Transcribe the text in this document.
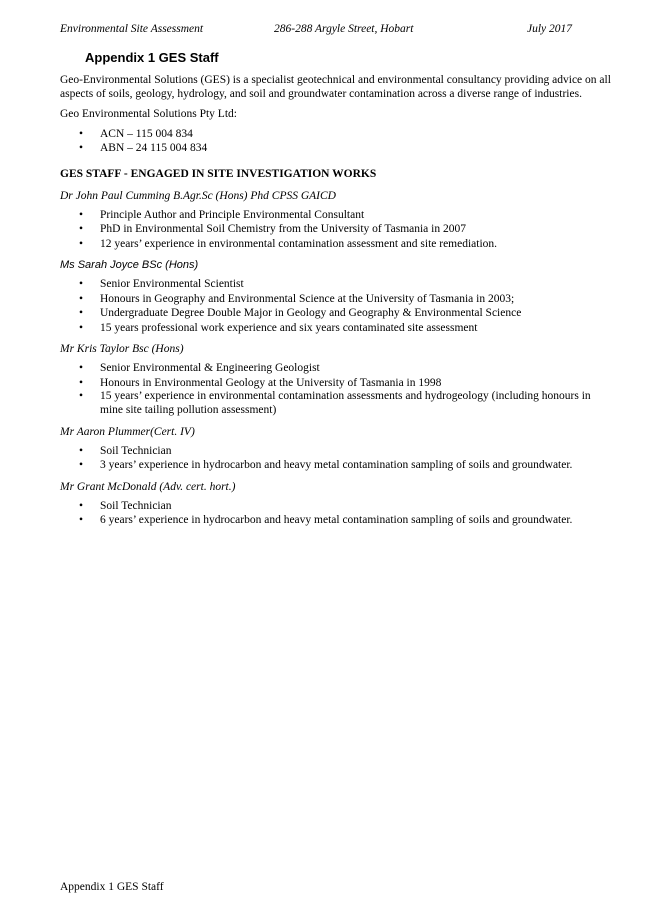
Environmental Site Assessment	286-288 Argyle Street, Hobart	July 2017
Appendix 1 GES Staff

Geo-Environmental Solutions (GES) is a specialist geotechnical and environmental consultancy providing advice on all aspects of soils, geology, hydrology, and soil and groundwater contamination across a diverse range of industries.

Geo Environmental Solutions Pty Ltd:

• ACN – 115 004 834
• ABN – 24 115 004 834
GES STAFF - ENGAGED IN SITE INVESTIGATION WORKS
Dr John Paul Cumming B.Agr.Sc (Hons) Phd CPSS GAICD
• Principle Author and Principle Environmental Consultant
• PhD in Environmental Soil Chemistry from the University of Tasmania in 2007
• 12 years’ experience in environmental contamination assessment and site remediation.
Ms Sarah Joyce BSc (Hons)
• Senior Environmental Scientist
• Honours in Geography and Environmental Science at the University of Tasmania in 2003;
• Undergraduate Degree Double Major in Geology and Geography & Environmental Science
• 15 years professional work experience and six years contaminated site assessment
Mr Kris Taylor Bsc (Hons)
• Senior Environmental & Engineering Geologist
• Honours in Environmental Geology at the University of Tasmania in 1998
• 15 years’ experience in environmental contamination assessments and hydrogeology (including honours in mine site tailing pollution assessment)
Mr Aaron Plummer(Cert. IV)
• Soil Technician
• 3 years’ experience in hydrocarbon and heavy metal contamination sampling of soils and groundwater.
Mr Grant McDonald (Adv. cert. hort.)
• Soil Technician
• 6 years’ experience in hydrocarbon and heavy metal contamination sampling of soils and groundwater.
Appendix 1 GES Staff
